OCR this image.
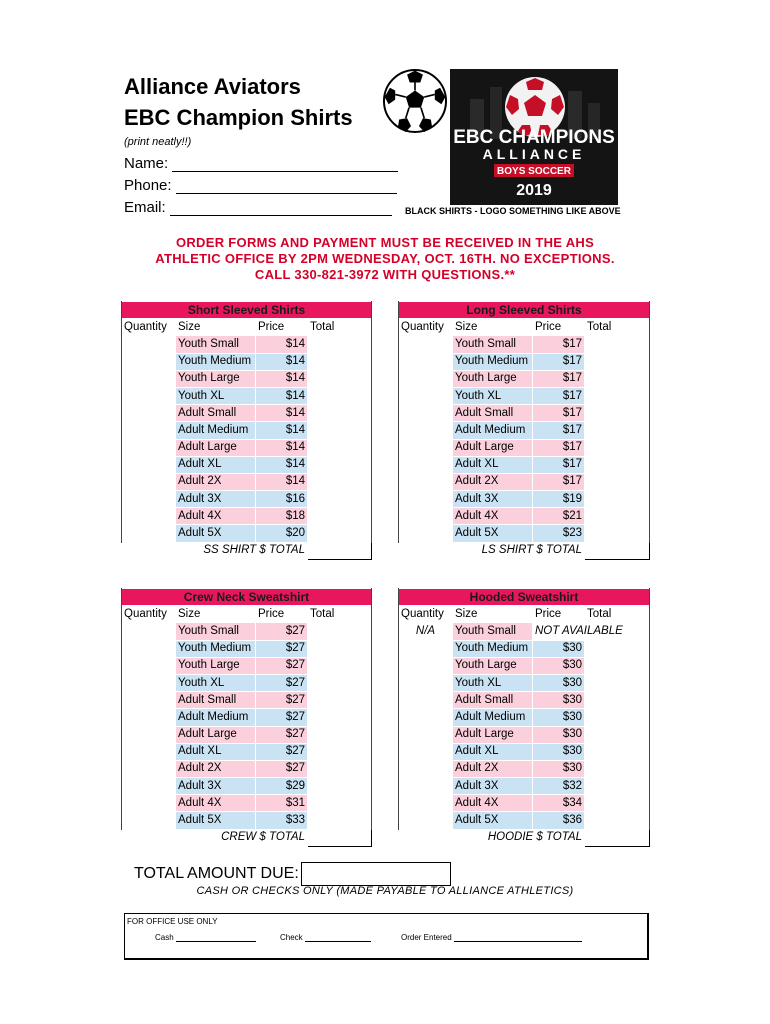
Alliance Aviators
EBC Champion Shirts
(print neatly!!)
Name:
Phone:
Email:
EBC CHAMPIONS
ALLIANCE
BOYS SOCCER
2019
BLACK SHIRTS - LOGO SOMETHING LIKE ABOVE
ORDER FORMS AND PAYMENT MUST BE RECEIVED IN THE AHS
ATHLETIC OFFICE BY 2PM WEDNESDAY, OCT. 16TH. NO EXCEPTIONS.
CALL 330-821-3972 WITH QUESTIONS.**
Short Sleeved Shirts			
Quantity	Size	Price	Total
	Youth Small	$14	
	Youth Medium	$14	
	Youth Large	$14	
	Youth XL	$14	
	Adult Small	$14	
	Adult Medium	$14	
	Adult Large	$14	
	Adult XL	$14	
	Adult 2X	$14	
	Adult 3X	$16	
	Adult 4X	$18	
	Adult 5X	$20	
SS SHIRT $ TOTAL			
Long Sleeved Shirts			
Quantity	Size	Price	Total
	Youth Small	$17	
	Youth Medium	$17	
	Youth Large	$17	
	Youth XL	$17	
	Adult Small	$17	
	Adult Medium	$17	
	Adult Large	$17	
	Adult XL	$17	
	Adult 2X	$17	
	Adult 3X	$19	
	Adult 4X	$21	
	Adult 5X	$23	
LS SHIRT $ TOTAL			
Crew Neck Sweatshirt			
Quantity	Size	Price	Total
	Youth Small	$27	
	Youth Medium	$27	
	Youth Large	$27	
	Youth XL	$27	
	Adult Small	$27	
	Adult Medium	$27	
	Adult Large	$27	
	Adult XL	$27	
	Adult 2X	$27	
	Adult 3X	$29	
	Adult 4X	$31	
	Adult 5X	$33	
CREW $ TOTAL			
Hooded Sweatshirt			
Quantity	Size	Price	Total
N/A	Youth Small	NOT AVAILABLE	
	Youth Medium	$30	
	Youth Large	$30	
	Youth XL	$30	
	Adult Small	$30	
	Adult Medium	$30	
	Adult Large	$30	
	Adult XL	$30	
	Adult 2X	$30	
	Adult 3X	$32	
	Adult 4X	$34	
	Adult 5X	$36	
HOODIE $ TOTAL			
TOTAL AMOUNT DUE:
CASH OR CHECKS ONLY (MADE PAYABLE TO ALLIANCE ATHLETICS)
FOR OFFICE USE ONLY
Cash	Check	Order Entered
